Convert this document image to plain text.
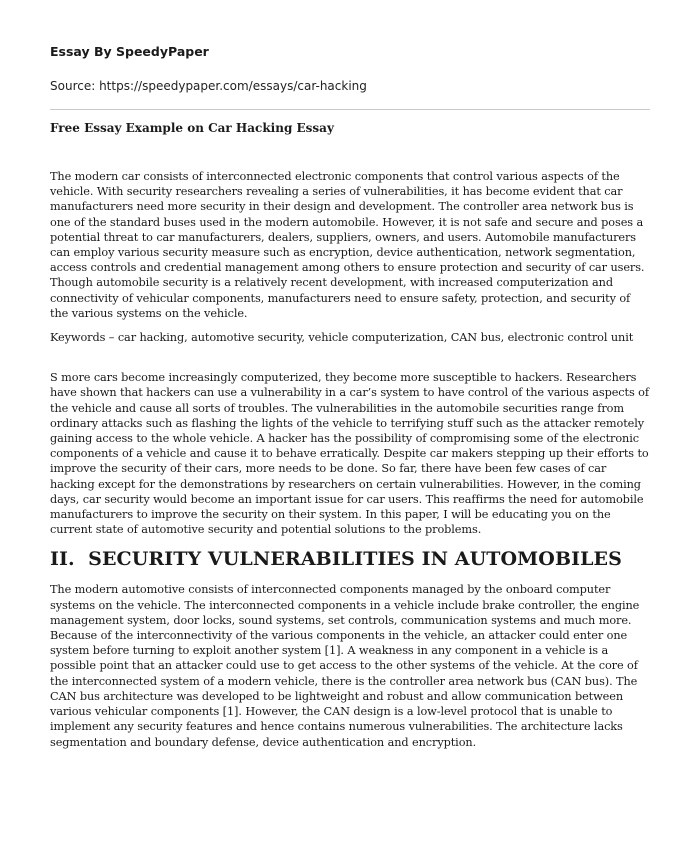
Essay By SpeedyPaper
Source: https://speedypaper.com/essays/car-hacking
Free Essay Example on Car Hacking Essay

The modern car consists of interconnected electronic components that control various aspects of the vehicle. With security researchers revealing a series of vulnerabilities, it has become evident that car manufacturers need more security in their design and development. The controller area network bus is one of the standard buses used in the modern automobile. However, it is not safe and secure and poses a potential threat to car manufacturers, dealers, suppliers, owners, and users. Automobile manufacturers can employ various security measure such as encryption, device authentication, network segmentation, access controls and credential management among others to ensure protection and security of car users. Though automobile security is a relatively recent development, with increased computerization and connectivity of vehicular components, manufacturers need to ensure safety, protection, and security of the various systems on the vehicle.

Keywords – car hacking, automotive security, vehicle computerization, CAN bus, electronic control unit

S more cars become increasingly computerized, they become more susceptible to hackers. Researchers have shown that hackers can use a vulnerability in a car’s system to have control of the various aspects of the vehicle and cause all sorts of troubles. The vulnerabilities in the automobile securities range from ordinary attacks such as flashing the lights of the vehicle to terrifying stuff such as the attacker remotely gaining access to the whole vehicle. A hacker has the possibility of compromising some of the electronic components of a vehicle and cause it to behave erratically. Despite car makers stepping up their efforts to improve the security of their cars, more needs to be done. So far, there have been few cases of car hacking except for the demonstrations by researchers on certain vulnerabilities. However, in the coming days, car security would become an important issue for car users. This reaffirms the need for automobile manufacturers to improve the security on their system. In this paper, I will be educating you on the current state of automotive security and potential solutions to the problems.

II.  SECURITY VULNERABILITIES IN AUTOMOBILES

The modern automotive consists of interconnected components managed by the onboard computer systems on the vehicle. The interconnected components in a vehicle include brake controller, the engine management system, door locks, sound systems, set controls, communication systems and much more. Because of the interconnectivity of the various components in the vehicle, an attacker could enter one system before turning to exploit another system [1]. A weakness in any component in a vehicle is a possible point that an attacker could use to get access to the other systems of the vehicle. At the core of the interconnected system of a modern vehicle, there is the controller area network bus (CAN bus). The CAN bus architecture was developed to be lightweight and robust and allow communication between various vehicular components [1]. However, the CAN design is a low-level protocol that is unable to implement any security features and hence contains numerous vulnerabilities. The architecture lacks segmentation and boundary defense, device authentication and encryption.
